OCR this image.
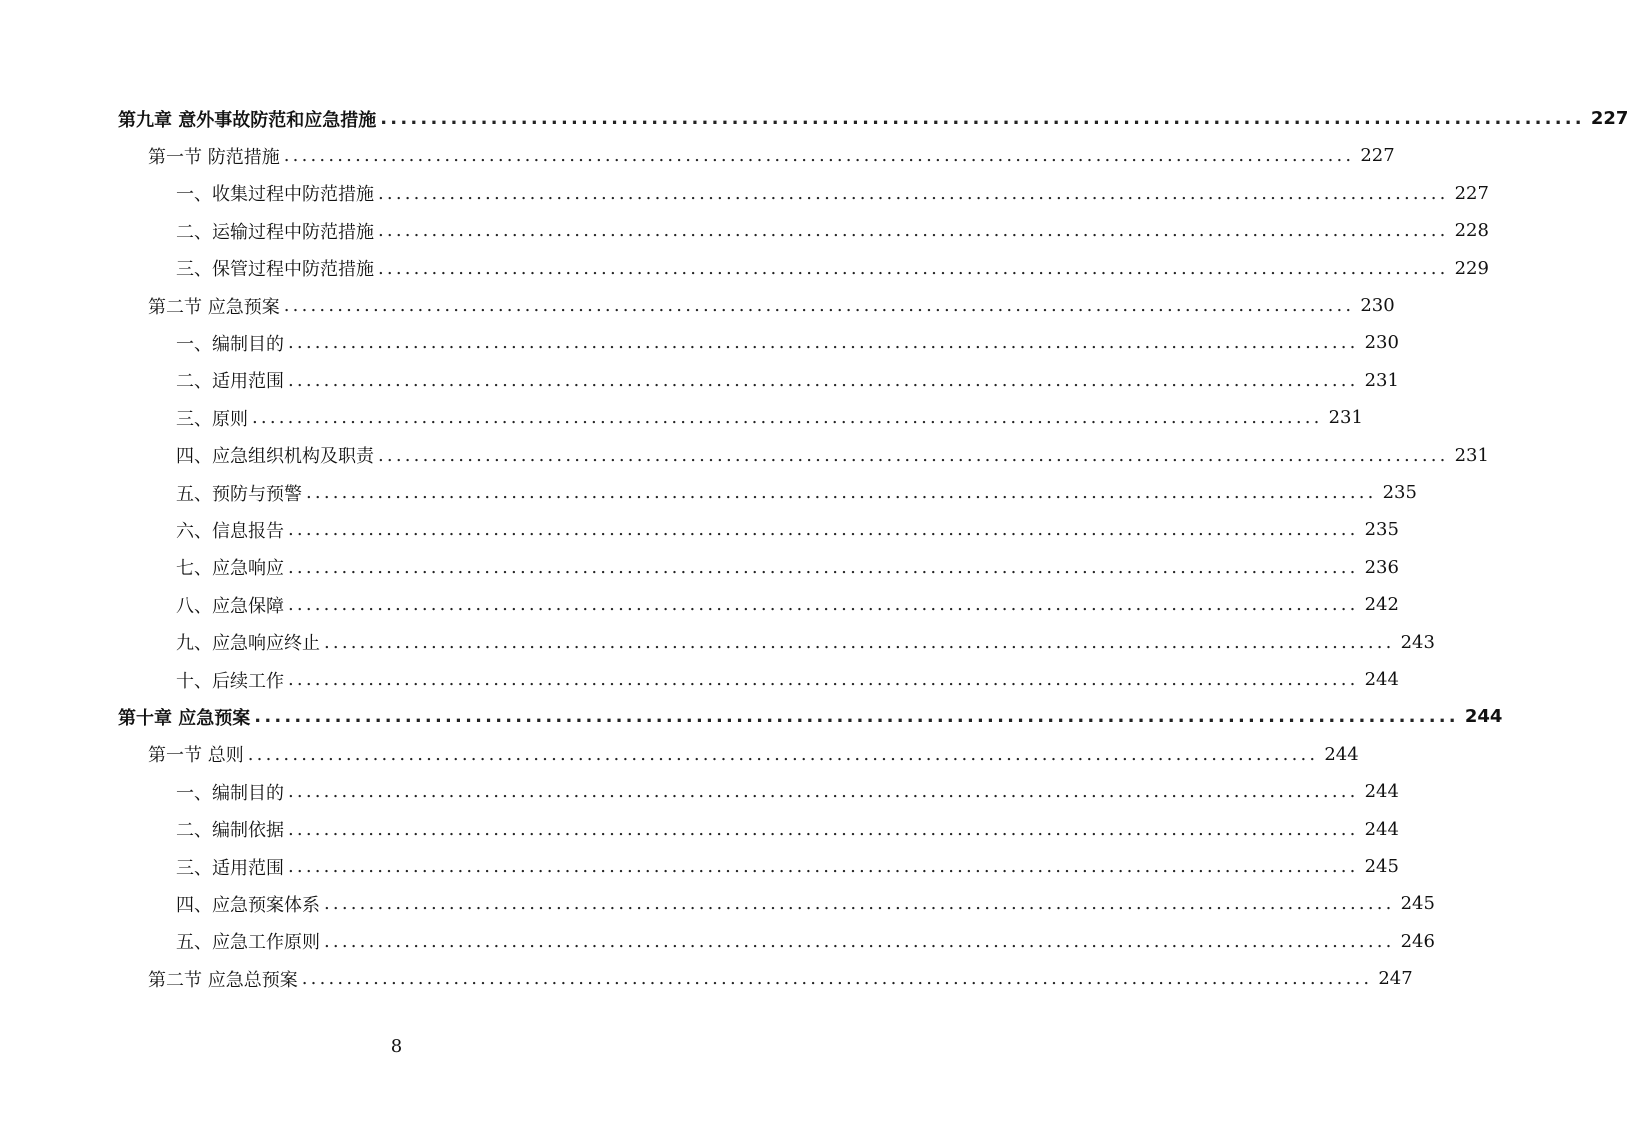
第九章 意外事故防范和应急措施 ........................................................................................................................ 227
第一节 防范措施 ........................................................................................................................ 227
一、收集过程中防范措施 ........................................................................................................................ 227
二、运输过程中防范措施 ........................................................................................................................ 228
三、保管过程中防范措施 ........................................................................................................................ 229
第二节 应急预案 ........................................................................................................................ 230
一、编制目的 ........................................................................................................................ 230
二、适用范围 ........................................................................................................................ 231
三、原则 ........................................................................................................................ 231
四、应急组织机构及职责 ........................................................................................................................ 231
五、预防与预警 ........................................................................................................................ 235
六、信息报告 ........................................................................................................................ 235
七、应急响应 ........................................................................................................................ 236
八、应急保障 ........................................................................................................................ 242
九、应急响应终止 ........................................................................................................................ 243
十、后续工作 ........................................................................................................................ 244
第十章 应急预案 ........................................................................................................................ 244
第一节 总则 ........................................................................................................................ 244
一、编制目的 ........................................................................................................................ 244
二、编制依据 ........................................................................................................................ 244
三、适用范围 ........................................................................................................................ 245
四、应急预案体系 ........................................................................................................................ 245
五、应急工作原则 ........................................................................................................................ 246
第二节 应急总预案 ........................................................................................................................ 247
8
